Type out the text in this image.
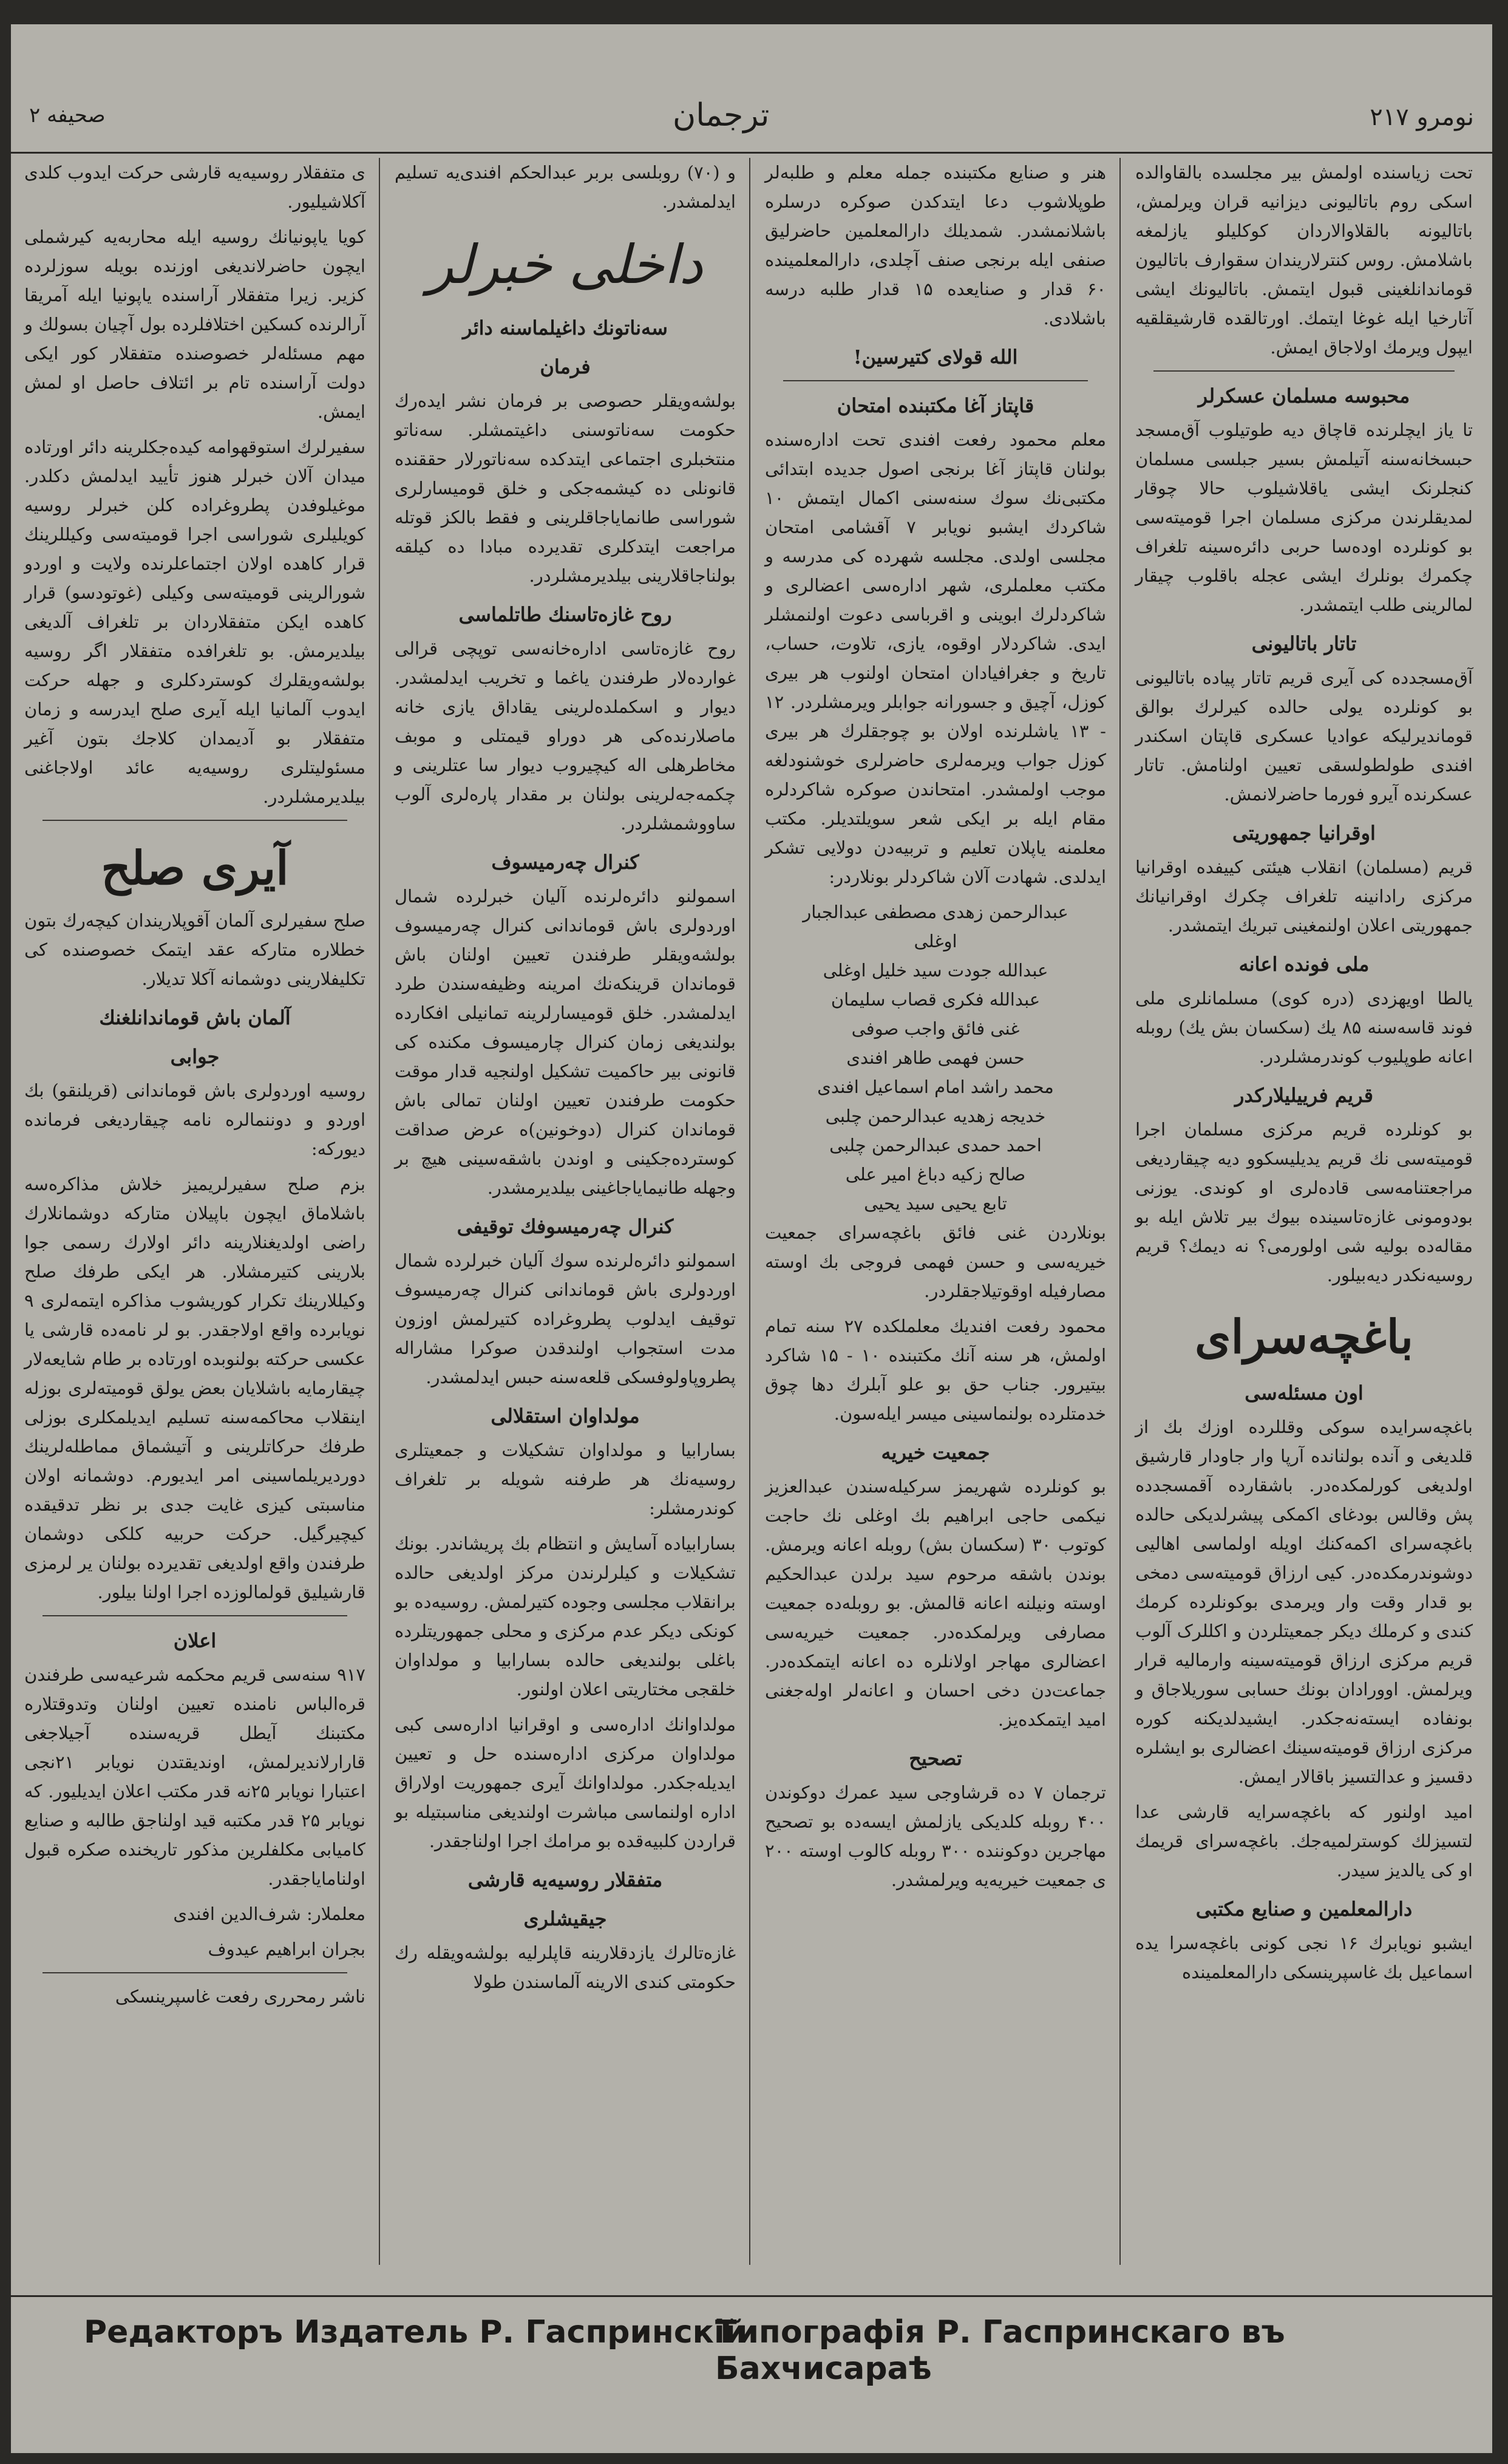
صحیفه ۲	ترجمان	نومرو ۲۱۷

تحت زیاسنده اولمش بیر مجلسده بالقاوالده اسکی روم باتالیونی دیزانیه قران ویرلمش، باتالیونه بالقلاوالاردان کوکلیلو یازلمغه باشلامش. روس کنترلاریندان سقوارف باتالیون قوماندانلغینی قبول ایتمش. باتالیونك ایشی آتارخیا ایله غوغا ایتمك. اورتالقده قارشیقلقیه ایپول ویرمك اولاجاق ایمش.

محبوسه مسلمان عسکرلر

تا یاز ایچلرنده قاچاق دیه طوتیلوب آق‌مسجد حبسخانه‌سنه آتیلمش بسیر جبلسی مسلمان کنجلرنک ایشی یاقلاشیلوب حالا چوقار لمدیقلرندن مرکزی مسلمان اجرا قومیته‌سی بو کونلرده اوده‌سا حربی دائره‌سینه تلغراف چکمرك بونلرك ایشی عجله باقلوب چیقار لمالرینی طلب ایتمشدر.

تاتار باتالیونی

آق‌مسجدده کی آیری قریم تاتار پیاده باتالیونی بو کونلرده یولی حالده کیرلرك بوالق قوماندیرلیکه عوادیا عسکری قاپتان اسکندر افندی طولطولسقی تعیین اولنامش. تاتار عسکرنده آیرو فورما حاضرلانمش.

اوقرانیا جمهوریتی

قریم (مسلمان) انقلاب هیئتی کییفده اوقرانیا مرکزی رادانینه تلغراف چکرك اوقرانیانك جمهوریتی اعلان اولنمغینی تبریك ایتمشدر.

ملی فونده اعانه

یالطا اویهزدی (دره کوی) مسلمانلری ملی فوند قاسه‌سنه ۸۵ یك (سکسان بش یك) روبله اعانه طوپلیوب کوندرمشلردر.

قریم فرییلیلارکدر

بو کونلرده قریم مرکزی مسلمان اجرا قومیته‌سی نك قریم یدیلیسکوو دیه چیقاردیغی مراجعتنامه‌سی قاده‌لری او کوندی. یوزنی بودومونی غازه‌تا‌سینده بیوك بیر تلاش ایله بو مقاله‌ده بولیه شی اولورمی؟ نه دیمك؟ قریم روسیه‌نکدر دیه‌بیلور.

باغچه‌سرای
اون مسئله‌سی

باغچه‌سرایده سوکی وقللرده اوزك بك از قلدیغی و آنده بولنانده آرپا وار جاودار قارشیق اولدیغی کورلمکده‌در. باشقارده آقمسجدده پش وقالس بودغای اکمکی پیشرلدیکی حالده باغچه‌سرای اکمه‌کنك اویله اولماسی اهالیی دوشوندرمکده‌در. کیی ارزاق قومیته‌سی دمخی بو قدار وقت وار ویرمدی بوکونلرده کرمك کندی و کرملك دیکر جمعیتلردن و اکللرک آلوب قریم مرکزی ارزاق قومیته‌سینه وارمالیه قرار ویرلمش. اوورادان بونك حسابی سوریلاجاق و بونفاده ایسته‌نه‌جکدر. ایشیدلدیکنه کوره مرکزی ارزاق قومیته‌سینك اعضالری بو ایشلره دقسیز و عدالتسیز باقالار ایمش.

امید اولنور که باغچه‌سرایه قارشی عدا لتسیزلك کوسترلمیه‌جك. باغچه‌سرای قریمك او کی یالدیز سیدر.

دارالمعلمین و صنایع مکتبی

ایشبو نویابرك ۱۶ نجی کونی باغچه‌سرا یده اسماعیل بك غاسپرینسکی دارالمعلمینده

هنر و صنایع مکتبنده جمله معلم و طلبه‌لر طوپلاشوب دعا ایتدکدن صوکره درسلره باشلانمشدر. شمدیلك دارالمعلمین حاضرلیق صنفی ایله برنجی صنف آچلدی، دارالمعلمینده ۶۰ قدار و صنایعده ۱۵ قدار طلبه درسه باشلادی.

الله قولای کتیرسین!
قاپتاز آغا مکتبنده امتحان

معلم محمود رفعت افندی تحت اداره‌سنده بولنان قاپتاز آغا برنجی اصول جدیده ابتدائی مکتبی‌نك سوك سنه‌سنی اکمال ایتمش ۱۰ شاکردك ایشبو نویابر ۷ آقشامی امتحان مجلسی اولدی. مجلسه شهرده کی مدرسه و مکتب معلملری، شهر اداره‌سی اعضالری و شاکردلرك ابوینی و اقرباسی دعوت اولنمشلر ایدی. شاکردلار اوقوه، یازی، تلاوت، حساب، تاریخ و جغرافیادان امتحان اولنوب هر بیری کوزل، آچیق و جسورانه جوابلر ویرمشلردر. ۱۲ - ۱۳ یاشلرنده اولان بو چوجقلرك هر بیری کوزل جواب ویرمه‌لری حاضرلری خوشنودلغه موجب اولمشدر. امتحاندن صوکره شاکردلره مقام ایله بر ایکی شعر سویلتدیلر. مکتب معلمنه یاپلان تعلیم و تربیه‌دن دولایی تشکر ایدلدی. شهادت آلان شاکردلر بونلاردر:

عبدالرحمن زهدی مصطفی عبدالجبار

اوغلی

عبدالله جودت سید خلیل اوغلی

عبدالله فکری قصاب سلیمان

غنی فائق واجب صوفی

حسن فهمی طاهر افندی

محمد راشد امام اسماعیل افندی

خدیجه زهدیه عبدالرحمن چلبی

احمد حمدی عبدالرحمن چلبی

صالح زکیه دباغ امیر علی

تابع یحیی سید یحیی

بونلاردن غنی فائق باغچه‌سرای جمعیت خیریه‌سی و حسن فهمی فروجی بك اوسته مصارفیله اوقوتیلاجقلردر.

محمود رفعت افندیك معلملکده ۲۷ سنه تمام اولمش، هر سنه آنك مکتبنده ۱۰ - ۱۵ شاکرد بیتیرور. جناب حق بو علو آبلرك دها چوق خدمتلرده بولنماسینی میسر ایله‌سون.

جمعیت خیریه

بو کونلرده شهریمز سرکیله‌سندن عبدالعزیز نیکمی حاجی ابراهیم بك اوغلی نك حاجت کوتوب ۳۰ (سکسان بش) روبله اعانه ویرمش. بوندن باشقه مرحوم سید برلدن عبدالحکیم اوسته ونیلنه اعانه قالمش. بو روبله‌ده جمعیت مصارفی ویرلمکده‌در. جمعیت خیریه‌سی اعضالری مهاجر اولانلره ده اعانه ایتمکده‌در. جماعت‌دن دخی احسان و اعانه‌لر اوله‌جغنی امید ایتمکده‌یز.

تصحیح

ترجمان ۷ ده قرشاوجی سید عمرك دوکوندن ۴۰۰ روبله کلدیکی یازلمش ایسه‌ده بو تصحیح مهاجرین دوکوننده ۳۰۰ روبله کالوب اوسته ۲۰۰ ی جمعیت خیریه‌یه ویرلمشدر.

و (۷۰) روبلسی بربر عبدالحکم افندی‌یه تسلیم ایدلمشدر.

داخلی خبرلر
سه‌ناتونك داغیلماسنه دائر
فرمان

بولشه‌ویقلر حصوصی بر فرمان نشر ایده‌رك حکومت سه‌ناتوسنی داغیتمشلر. سه‌ناتو منتخبلری اجتماعی ایتدکده سه‌ناتورلار حققنده قانونلی ده کیشمه‌جکی و خلق قومیسارلری شوراسی طانمایاجاقلرینی و فقط بالکز قوتله مراجعت ایتدکلری تقدیرده مبادا ده کیلقه بولناجاقلارینی بیلدیرمشلردر.

روح غازه‌تاسنك طاتلماسی

روح غازه‌تاسی اداره‌خانه‌سی توپچی قرالی غوارده‌لار طرفندن یاغما و تخریب ایدلمشدر. دیوار و اسکملده‌لرینی یقاداق یازی خانه ماصلارنده‌کی هر دوراو قیمتلی و موبف مخاطرهلی اله کیچیروب دیوار سا عتلرینی و چکمه‌جه‌لرینی بولنان بر مقدار پاره‌لری آلوب ساووشمشلردر.

کنرال چه‌رمیسوف

اسمولنو دائره‌لرنده آلیان خبرلرده شمال اوردولری باش قوماندانی کنرال چه‌رمیسوف بولشه‌ویقلر طرفندن تعیین اولنان باش قوماندان قرینکه‌نك امرینه وظیفه‌سندن طرد ایدلمشدر. خلق قومیسارلرینه تمانیلی افکارده بولندیغی زمان کنرال چارمیسوف مکنده کی قانونی بیر حاکمیت تشکیل اولنجیه قدار موقت حکومت طرفندن تعیین اولنان تمالی باش قوماندان کنرال (دوخونین)ه عرض صداقت کوسترده‌جکینی و اوندن باشقه‌سینی هیچ بر وجهله طانیمایاجاغینی بیلدیرمشدر.

کنرال چه‌رمیسوفك توقیفی

اسمولنو دائره‌لرنده سوك آلیان خبرلرده شمال اوردولری باش قوماندانی کنرال چه‌رمیسوف توقیف ایدلوب پطرو‌غراده کتیرلمش اوزون مدت استجواب اولندقدن صوکرا مشاراله پطروپاولوفسکی قلعه‌سنه حبس ایدلمشدر.

مولداوان استقلالی

بسارابیا و مولداوان تشکیلات و جمعیتلری روسیه‌نك هر طرفنه شویله بر تلغراف کوندرمشلر:

بسارابیاده آسایش و انتظام بك پریشاندر. بونك تشکیلات و کیلرلرندن مرکز اولدیغی حالده برانقلاب مجلسی وجوده کتیرلمش. روسیه‌ده بو کونکی دیکر عدم مرکزی و محلی جمهوریتلرده باغلی بولندیغی حالده بسارابیا و مولداوان خلقجی مختاریتی اعلان اولنور.

مولداوانك اداره‌سی و اوقرانیا اداره‌سی کبی مولداوان مرکزی اداره‌سنده حل و تعیین ایدیله‌جکدر. مولداوانك آیری جمهوریت اولاراق اداره اولنماسی مباشرت اولندیغی مناسبتیله بو قراردن کلبیه‌قده بو مرامك اجرا اولناجقدر.

متفقلار روسیه‌یه قارشی
جیقیشلری

غازه‌تالرك یازدقلارینه قاپلرلیه بولشه‌ویقله رك حکومتی کندی الارینه آلماسندن طولا

ی متفقلار روسیه‌یه قارشی حرکت ایدوب کلدی آکلاشیلیور.

کویا یاپونیانك روسیه ایله محاربه‌یه کیرشملی ایچون حاضرلاندیغی اوزنده بویله سوزلرده کزیر. زیرا متفقلار آراسنده یاپونیا ایله آمریقا آرالرنده کسکین اختلافلرده بول آچیان بسولك و مهم مسئله‌لر خصوصنده متفقلار کور ایکی دولت آراسنده تام بر ائتلاف حاصل او لمش ایمش.

سفیرلرك استوقهوامه کیده‌جکلرینه دائر اورتاده میدان آلان خبرلر هنوز تأیید ایدلمش دکلدر. موغیلوفدن پطروغراده کلن خبرلر روسیه کویلیلری شوراسی اجرا قومیته‌سی وکیللرینك قرار کاهده اولان اجتماعلرنده ولایت و اوردو شورالرینی قومیته‌سی وکیلی (غوتودسو) قرار کاهده ایکن متفقلاردان بر تلغراف آلدیغی بیلدیرمش. بو تلغرافده متفقلار اگر روسیه بولشه‌ویقلرك کوستردکلری و جهله حرکت ایدوب آلمانیا ایله آیری صلح ایدرسه و زمان متفقلار بو آدیمدان کلاجك بتون آغیر مسئولیتلری روسیه‌یه عائد اولاجاغنی بیلدیرمشلردر.

آیری صلح

صلح سفیرلری آلمان آقوپلاریندان کیچه‌رك بتون خطلاره متارکه عقد ایتمک خصوصنده کی تکلیفلارینی دوشمانه آکلا تدیلار.

آلمان باش قوماندانلغنك
جوابی

روسیه اوردولری باش قوماندانی (قریلنقو) بك اوردو و دوننمالره نامه چیقاردیغی فرمانده دیورکه:

بزم صلح سفیرلریمیز خلاش مذاکره‌سه باشلاماق ایچون باپیلان متارکه دوشمانلارك راضی اولدیغنلارینه دائر اولارك رسمی جوا بلارینی کتیرمشلار. هر ایکی طرفك صلح وکیللارینك تکرار کوریشوب مذاکره ایتمه‌لری ۹ نویابرده واقع اولاجقدر. بو لر نامه‌ده قارشی یا عکسی حرکته بولنوبده اورتاده بر طام شایعه‌لار چیقارمایه باشلایان بعض یولق قومیته‌لری بوزله اینقلاب محاکمه‌سنه تسلیم ایدیلمکلری بوزلی طرفك حرکاتلرینی و آتیشماق مماطله‌لرینك دوردیریلماسینی امر ایدیورم. دوشمانه اولان مناسبتی کیزی غایت جدی بر نظر تدقیقده کیچیرگیل. حرکت حربیه کلکی دوشمان طرفندن واقع اولدیغی تقدیرده بولنان یر لرمزی قارشیلیق قولمالوزده اجرا اولنا بیلور.

اعلان

۹۱۷ سنه‌سی قریم محکمه شرعیه‌سی طرفندن قره‌الباس نامنده تعیین اولنان وتدوقتلاره مکتبنك آیطل قریه‌سنده آجیلاجغی قارارلاندیرلمش، اوندیقتدن نویابر ۲۱نجی اعتبارا نویابر ۲۵نه قدر مکتب اعلان ایدیلیور. که نویابر ۲۵ قدر مکتبه قید اولناجق طالبه و صنایع کامیابی مکلفلرین مذکور تاریخنده صکره قبول اولنامایاجقدر.

معلملار: شرف‌الدین افندی

بجران ابراهیم عیدوف

ناشر رمحرری رفعت غاسپرینسکی

Редакторъ Издатель Р. Гаспринскій
Типографія Р. Гаспринскаго въ Бахчисараѣ
